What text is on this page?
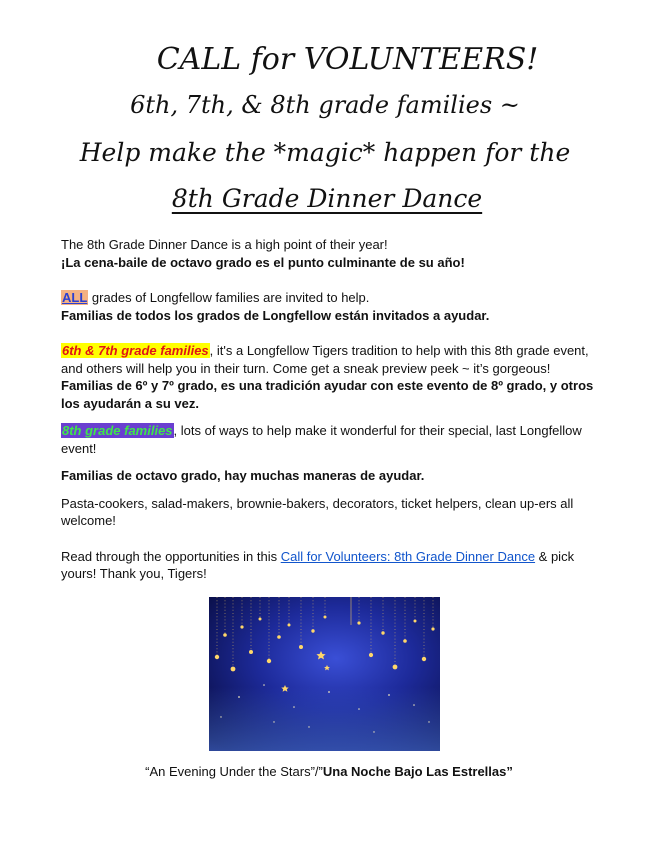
CALL for VOLUNTEERS!
6th, 7th, & 8th grade families ~
Help make the *magic* happen for the
8th Grade Dinner Dance

The 8th Grade Dinner Dance is a high point of their year!

¡La cena-baile de octavo grado es el punto culminante de su año!

ALL grades of Longfellow families are invited to help.

Familias de todos los grados de Longfellow están invitados a ayudar.

6th & 7th grade families, it's a Longfellow Tigers tradition to help with this 8th grade event, and others will help you in their turn. Come get a sneak preview peek ~ it’s gorgeous!

Familias de 6º y 7º grado, es una tradición ayudar con este evento de 8º grado, y otros los ayudarán a su vez.

8th grade families, lots of ways to help make it wonderful for their special, last Longfellow event!

Familias de octavo grado, hay muchas maneras de ayudar.

Pasta-cookers, salad-makers, brownie-bakers, decorators, ticket helpers, clean up-ers all welcome!

Read through the opportunities in this Call for Volunteers: 8th Grade Dinner Dance & pick yours! Thank you, Tigers!

“An Evening Under the Stars”/”Una Noche Bajo Las Estrellas”
